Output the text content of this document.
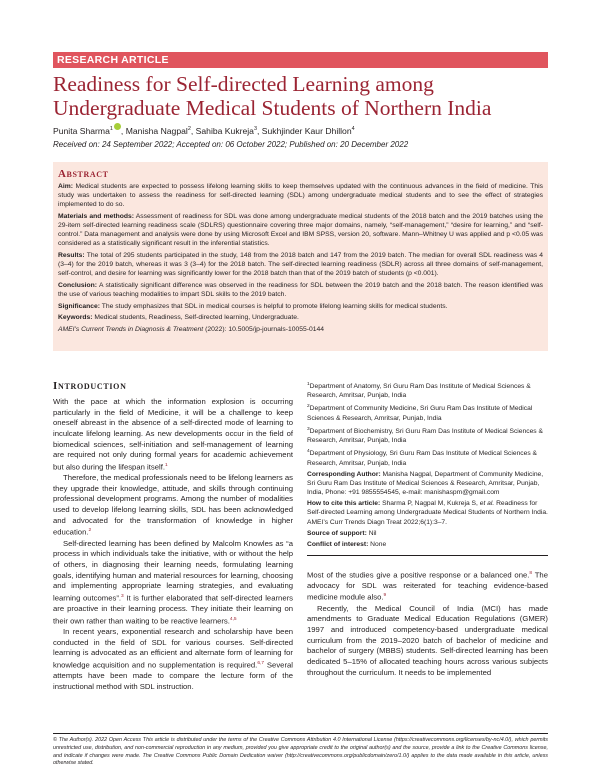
RESEARCH ARTICLE
Readiness for Self-directed Learning among Undergraduate Medical Students of Northern India
Punita Sharma$^1$ , Manisha Nagpal$^2$, Sahiba Kukreja$^3$, Sukhjinder Kaur Dhillon$^4$
Received on: 24 September 2022; Accepted on: 06 October 2022; Published on: 20 December 2022
Abstract

Aim: Medical students are expected to possess lifelong learning skills to keep themselves updated with the continuous advances in the field of medicine. This study was undertaken to assess the readiness for self-directed learning (SDL) among undergraduate medical students and to see the effect of strategies implemented to do so.

Materials and methods: Assessment of readiness for SDL was done among undergraduate medical students of the 2018 batch and the 2019 batches using the 29-item self-directed learning readiness scale (SDLRS) questionnaire covering three major domains, namely, “self-management,” “desire for learning,” and “self-control.” Data management and analysis were done by using Microsoft Excel and IBM SPSS, version 20, software. Mann–Whitney U was applied and p <0.05 was considered as a statistically significant result in the inferential statistics.

Results: The total of 295 students participated in the study, 148 from the 2018 batch and 147 from the 2019 batch. The median for overall SDL readiness was 4 (3–4) for the 2019 batch, whereas it was 3 (3–4) for the 2018 batch. The self-directed learning readiness (SDLR) across all three domains of self-management, self-control, and desire for learning was significantly lower for the 2018 batch than that of the 2019 batch of students (p <0.001).

Conclusion: A statistically significant difference was observed in the readiness for SDL between the 2019 batch and the 2018 batch. The reason identified was the use of various teaching modalities to impart SDL skills to the 2019 batch.

Significance: The study emphasizes that SDL in medical courses is helpful to promote lifelong learning skills for medical students.

Keywords: Medical students, Readiness, Self-directed learning, Undergraduate.

AMEI’s Current Trends in Diagnosis & Treatment (2022): 10.5005/jp-journals-10055-0144

Introduction

With the pace at which the information explosion is occurring particularly in the field of Medicine, it will be a challenge to keep oneself abreast in the absence of a self-directed mode of learning to inculcate lifelong learning. As new developments occur in the field of biomedical sciences, self-initiation and self-management of learning are required not only during formal years for academic achievement but also during the lifespan itself.$^1$

Therefore, the medical professionals need to be lifelong learners as they upgrade their knowledge, attitude, and skills through continuing professional development programs. Among the number of modalities used to develop lifelong learning skills, SDL has been acknowledged and advocated for the transformation of knowledge in higher education.$^2$

Self-directed learning has been defined by Malcolm Knowles as “a process in which individuals take the initiative, with or without the help of others, in diagnosing their learning needs, formulating learning goals, identifying human and material resources for learning, choosing and implementing appropriate learning strategies, and evaluating learning outcomes”.$^3$ It is further elaborated that self-directed learners are proactive in their learning process. They initiate their learning on their own rather than waiting to be reactive learners.$^{4,5}$

In recent years, exponential research and scholarship have been conducted in the field of SDL for various courses. Self-directed learning is advocated as an efficient and alternate form of learning for knowledge acquisition and no supplementation is required.$^{6,7}$ Several attempts have been made to compare the lecture form of the instructional method with SDL instruction.

$^1$Department of Anatomy, Sri Guru Ram Das Institute of Medical Sciences & Research, Amritsar, Punjab, India

$^2$Department of Community Medicine, Sri Guru Ram Das Institute of Medical Sciences & Research, Amritsar, Punjab, India

$^3$Department of Biochemistry, Sri Guru Ram Das Institute of Medical Sciences & Research, Amritsar, Punjab, India

$^4$Department of Physiology, Sri Guru Ram Das Institute of Medical Sciences & Research, Amritsar, Punjab, India

Corresponding Author: Manisha Nagpal, Department of Community Medicine, Sri Guru Ram Das Institute of Medical Sciences & Research, Amritsar, Punjab, India, Phone: +91 9855554545, e-mail: manishaspm@gmail.com

How to cite this article: Sharma P, Nagpal M, Kukreja S, et al. Readiness for Self-directed Learning among Undergraduate Medical Students of Northern India. AMEI’s Curr Trends Diagn Treat 2022;6(1):3–7.

Source of support: Nil

Conflict of interest: None

Most of the studies give a positive response or a balanced one.$^8$ The advocacy for SDL was reiterated for teaching evidence-based medicine module also.$^9$

Recently, the Medical Council of India (MCI) has made amendments to Graduate Medical Education Regulations (GMER) 1997 and introduced competency-based undergraduate medical curriculum from the 2019–2020 batch of bachelor of medicine and bachelor of surgery (MBBS) students. Self-directed learning has been dedicated 5–15% of allocated teaching hours across various subjects throughout the curriculum. It needs to be implemented

© The Author(s). 2022 Open Access This article is distributed under the terms of the Creative Commons Attribution 4.0 International License (https://creativecommons.org/licenses/by-nc/4.0/), which permits unrestricted use, distribution, and non-commercial reproduction in any medium, provided you give appropriate credit to the original author(s) and the source, provide a link to the Creative Commons license, and indicate if changes were made. The Creative Commons Public Domain Dedication waiver (http://creativecommons.org/publicdomain/zero/1.0/) applies to the data made available in this article, unless otherwise stated.
